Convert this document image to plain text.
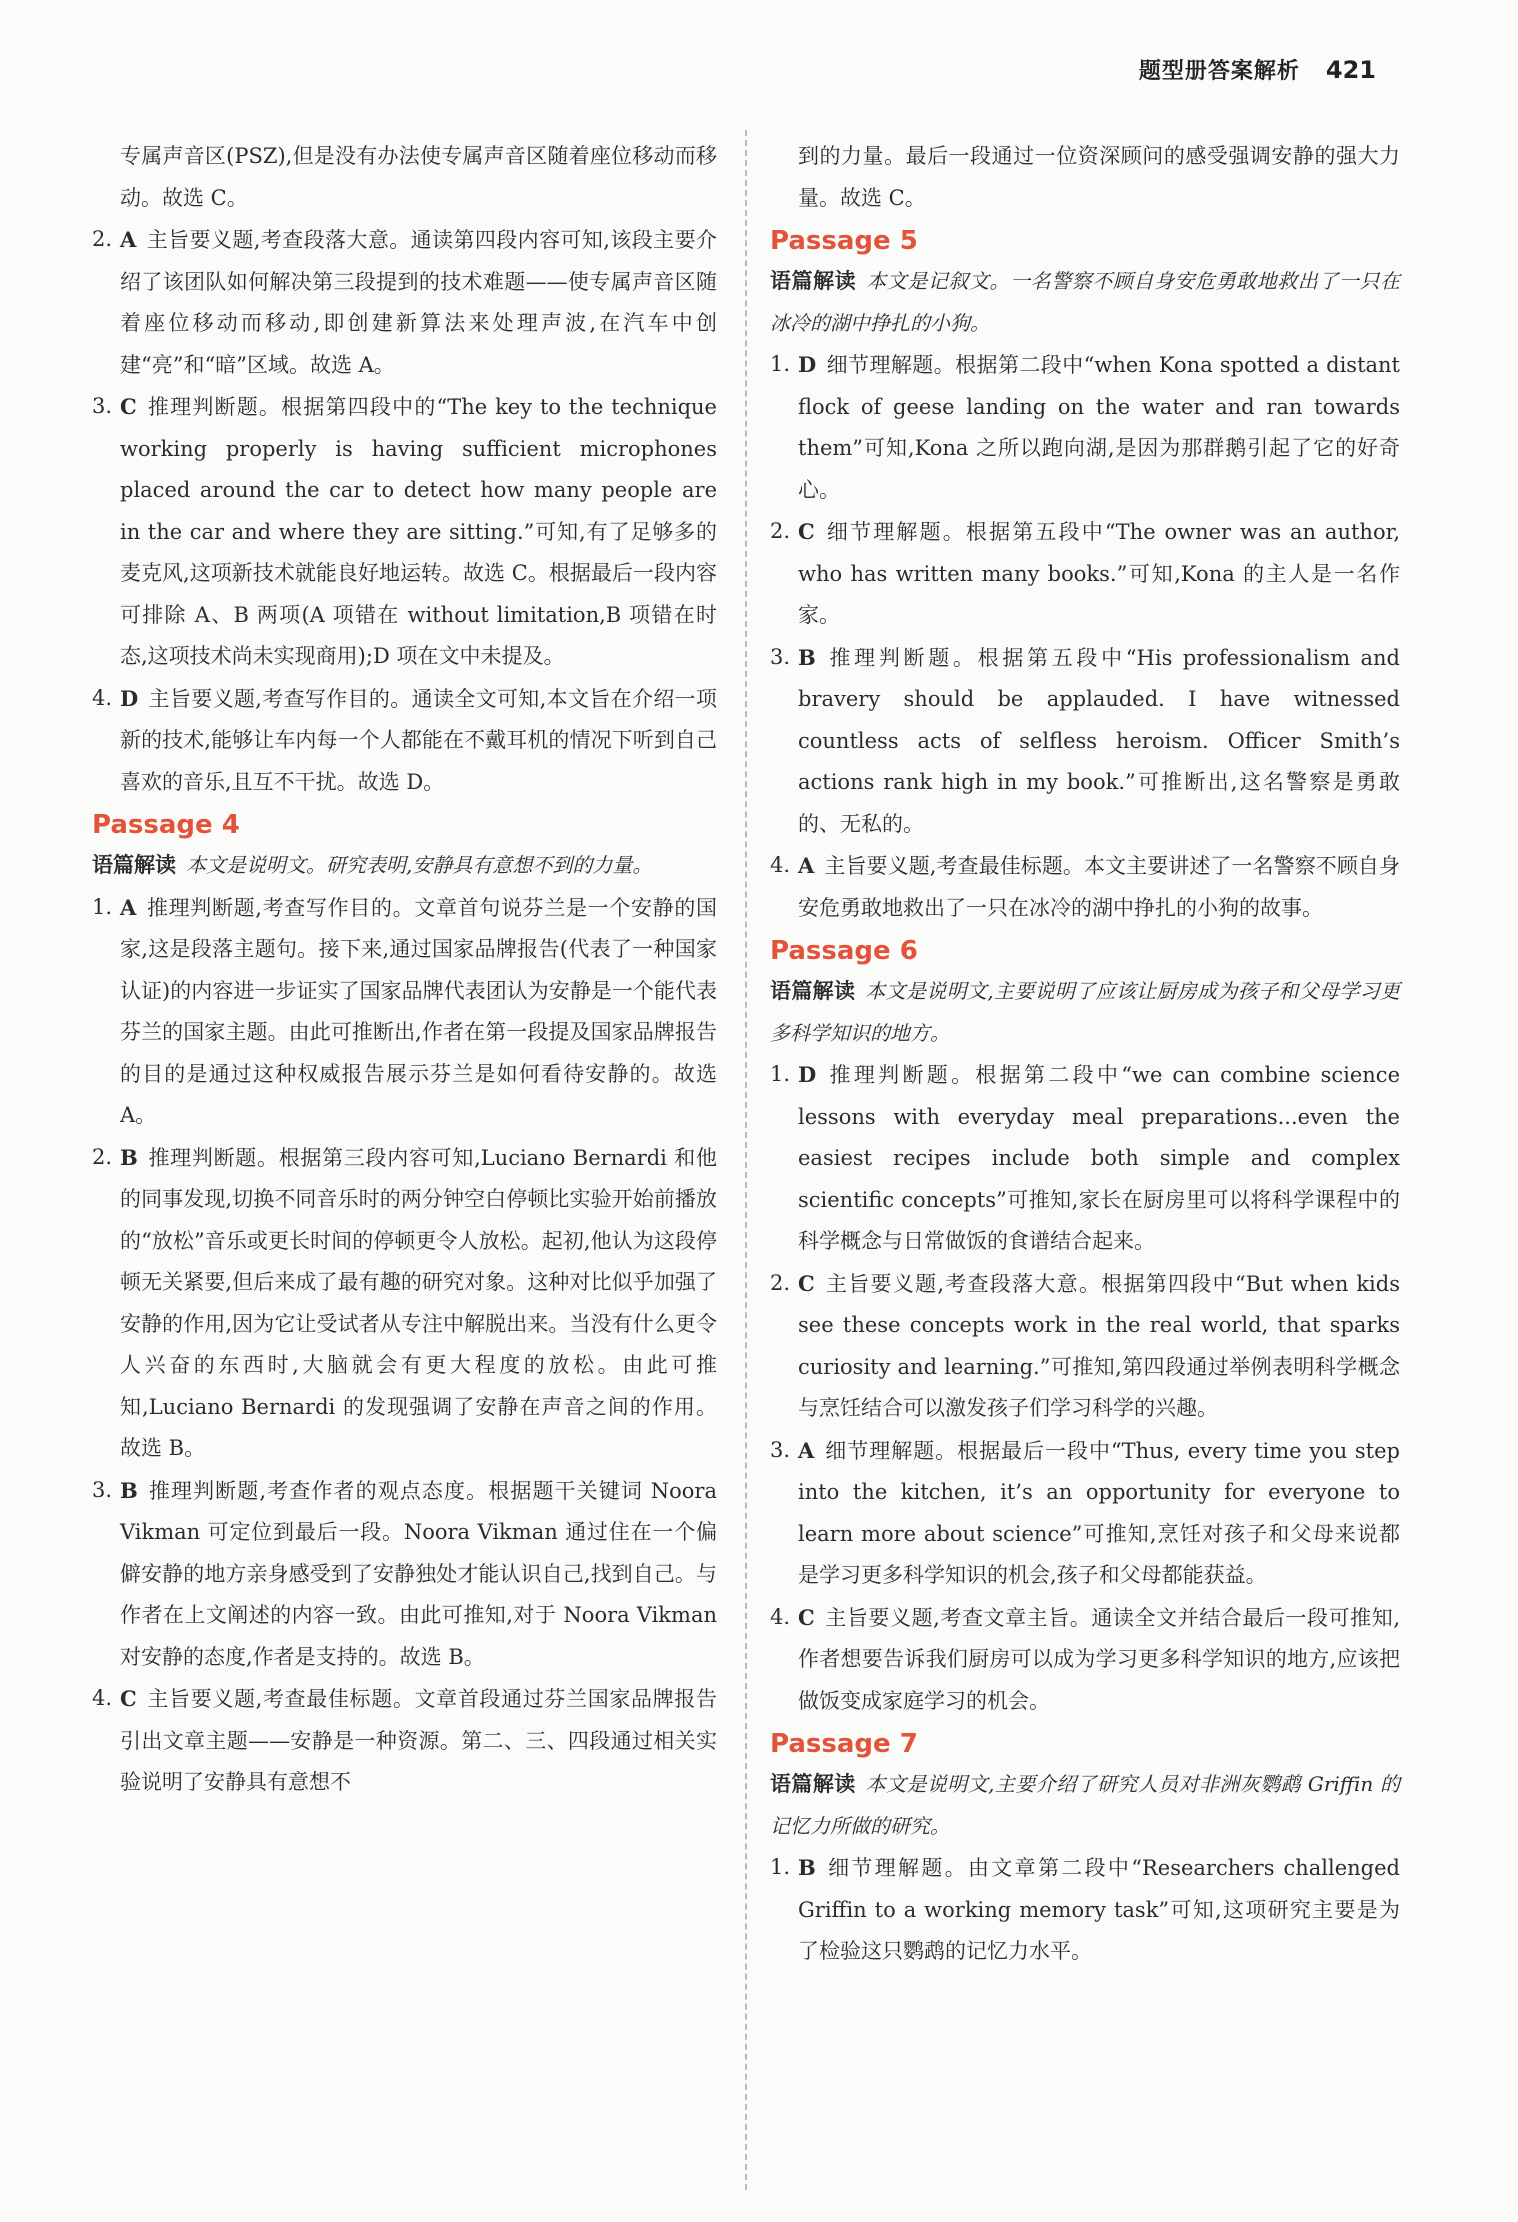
题型册答案解析 421

专属声音区(PSZ),但是没有办法使专属声音区随着座位移动而移动。故选 C。

2. A 主旨要义题,考查段落大意。通读第四段内容可知,该段主要介绍了该团队如何解决第三段提到的技术难题——使专属声音区随着座位移动而移动,即创建新算法来处理声波,在汽车中创建“亮”和“暗”区域。故选 A。
3. C 推理判断题。根据第四段中的“The key to the technique working properly is having sufficient microphones placed around the car to detect how many people are in the car and where they are sitting.”可知,有了足够多的麦克风,这项新技术就能良好地运转。故选 C。根据最后一段内容可排除 A、B 两项(A 项错在 without limitation,B 项错在时态,这项技术尚未实现商用);D 项在文中未提及。
4. D 主旨要义题,考查写作目的。通读全文可知,本文旨在介绍一项新的技术,能够让车内每一个人都能在不戴耳机的情况下听到自己喜欢的音乐,且互不干扰。故选 D。
Passage 4

语篇解读 本文是说明文。研究表明,安静具有意想不到的力量。

1. A 推理判断题,考查写作目的。文章首句说芬兰是一个安静的国家,这是段落主题句。接下来,通过国家品牌报告(代表了一种国家认证)的内容进一步证实了国家品牌代表团认为安静是一个能代表芬兰的国家主题。由此可推断出,作者在第一段提及国家品牌报告的目的是通过这种权威报告展示芬兰是如何看待安静的。故选 A。
2. B 推理判断题。根据第三段内容可知,Luciano Bernardi 和他的同事发现,切换不同音乐时的两分钟空白停顿比实验开始前播放的“放松”音乐或更长时间的停顿更令人放松。起初,他认为这段停顿无关紧要,但后来成了最有趣的研究对象。这种对比似乎加强了安静的作用,因为它让受试者从专注中解脱出来。当没有什么更令人兴奋的东西时,大脑就会有更大程度的放松。由此可推知,Luciano Bernardi 的发现强调了安静在声音之间的作用。故选 B。
3. B 推理判断题,考查作者的观点态度。根据题干关键词 Noora Vikman 可定位到最后一段。Noora Vikman 通过住在一个偏僻安静的地方亲身感受到了安静独处才能认识自己,找到自己。与作者在上文阐述的内容一致。由此可推知,对于 Noora Vikman 对安静的态度,作者是支持的。故选 B。
4. C 主旨要义题,考查最佳标题。文章首段通过芬兰国家品牌报告引出文章主题——安静是一种资源。第二、三、四段通过相关实验说明了安静具有意想不

到的力量。最后一段通过一位资深顾问的感受强调安静的强大力量。故选 C。

Passage 5

语篇解读 本文是记叙文。一名警察不顾自身安危勇敢地救出了一只在冰冷的湖中挣扎的小狗。

1. D 细节理解题。根据第二段中“when Kona spotted a distant flock of geese landing on the water and ran towards them”可知,Kona 之所以跑向湖,是因为那群鹅引起了它的好奇心。
2. C 细节理解题。根据第五段中“The owner was an author, who has written many books.”可知,Kona 的主人是一名作家。
3. B 推理判断题。根据第五段中“His professionalism and bravery should be applauded. I have witnessed countless acts of selfless heroism. Officer Smith’s actions rank high in my book.”可推断出,这名警察是勇敢的、无私的。
4. A 主旨要义题,考查最佳标题。本文主要讲述了一名警察不顾自身安危勇敢地救出了一只在冰冷的湖中挣扎的小狗的故事。
Passage 6

语篇解读 本文是说明文,主要说明了应该让厨房成为孩子和父母学习更多科学知识的地方。

1. D 推理判断题。根据第二段中“we can combine science lessons with everyday meal preparations...even the easiest recipes include both simple and complex scientific concepts”可推知,家长在厨房里可以将科学课程中的科学概念与日常做饭的食谱结合起来。
2. C 主旨要义题,考查段落大意。根据第四段中“But when kids see these concepts work in the real world, that sparks curiosity and learning.”可推知,第四段通过举例表明科学概念与烹饪结合可以激发孩子们学习科学的兴趣。
3. A 细节理解题。根据最后一段中“Thus, every time you step into the kitchen, it’s an opportunity for everyone to learn more about science”可推知,烹饪对孩子和父母来说都是学习更多科学知识的机会,孩子和父母都能获益。
4. C 主旨要义题,考查文章主旨。通读全文并结合最后一段可推知,作者想要告诉我们厨房可以成为学习更多科学知识的地方,应该把做饭变成家庭学习的机会。
Passage 7

语篇解读 本文是说明文,主要介绍了研究人员对非洲灰鹦鹉 Griffin 的记忆力所做的研究。

1. B 细节理解题。由文章第二段中“Researchers challenged Griffin to a working memory task”可知,这项研究主要是为了检验这只鹦鹉的记忆力水平。
